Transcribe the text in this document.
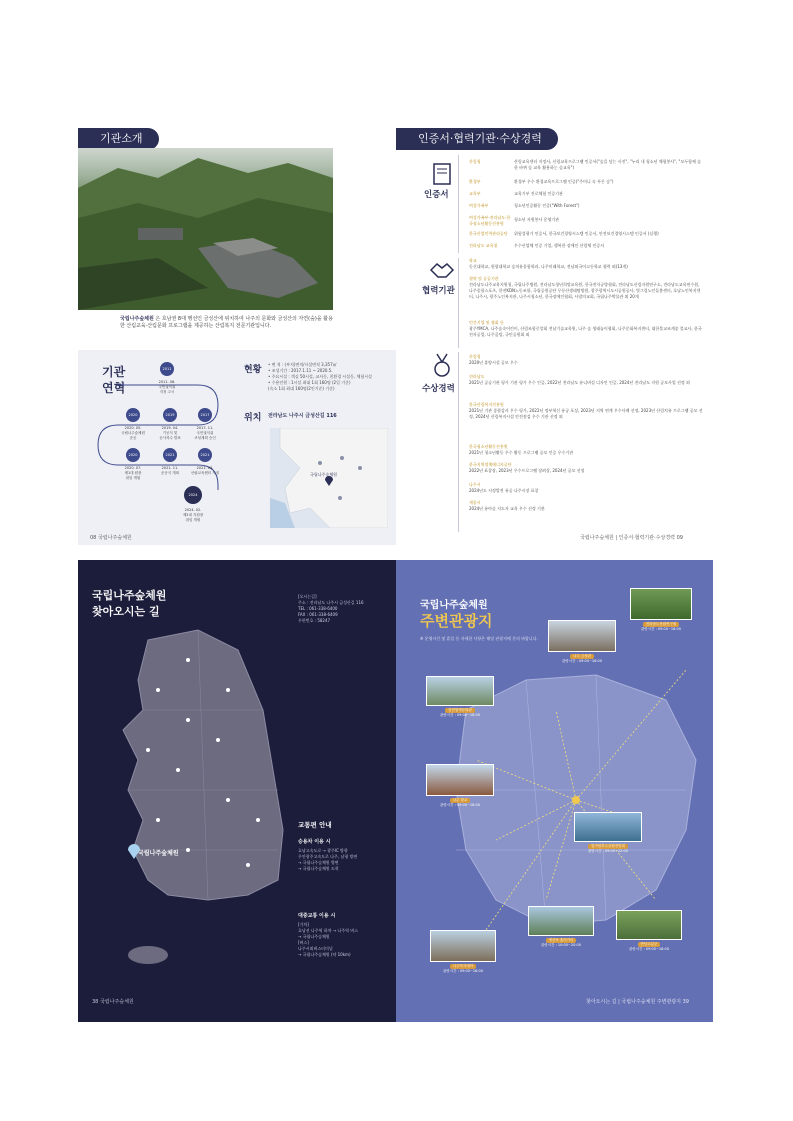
기관소개
국립나주숲체원 은 호남권 8대 행선인 금성산에 위치하여 나주의 문화와 금성산의 자연(숲)을 활용한 산림교육·산림문화 프로그램을 제공하는 산림복지 전문기관입니다.
기관
연혁
2011
2011. 08.
국민권익위
지정 고시
2020	2019	2017
2020. 05.
국립나주숲체원
준공
2019. 04.
기공식 및
공사착수 발표
2017. 11.
국민권익위
조성계획 승인
2020	2021	2021
2020. 07.
제1대 원장
취임 개원
2021. 11.
준공식 개최
2021. 03.
산림교육센터 지정
2024
2024. 02.
제2대 지원장
취임 개원
현황
• 면 적 : (부지)면적/시설면적 3,357㎡
• 조성기간 : 2017.1.11 ~ 2020.5.
• 주요시설 : 객실 50시설, 교사동, 친환경 시설동, 체험시설
• 수용인원 : 1시설 최대 1회 160명 (2일 기준)
(숙소 1회 최대 160명(2인기준) 기준)
위치 전라남도 나주시 금성산길 116
국립나주숲체원
08 국립나주숲체원
인증서·협력기관·수상경력
인증서
산림청	산림교육센터 지정서, 산림교육프로그램 인증서("숲을 담는 사진", "누리 내 청소년 체험봉사", "모두함께 숲 한 바퀴 숲 교육 활용하는 숲교육")
환경부	환경부 우수 환경교육프로그램 인증("주머니 속 푸른 숲")
교육부	교육기부 진로체험 인증기관
여성가족부	청소년인증활동 인증("With Forest")
여성가족부·전라남도·한국청소년활동진흥원
청소년 자원봉사 운영기관
한국산업인력관리공단	위험성평가 인증서, 한국보건경영시스템 인증서, 안전보건경영시스템 인증서 (실행)
전라남도 교육청	우수산업체 인증 기업, 행복한 장애인 산림체 인증서
협력기관
학교
동신대학교, 원광대학교 숲치유융합학과, 나주미래학교, 전남외국어고등학교 협력 외(13개)
협약 및 공공기관
전라남도나주교육지원청, 국립나주병원, 전라남도청년희망교육원, 한국전자공방협회, 전라남도산림자원연구소, 전라남도교육연수원, 나주종합스포츠, 한전KDN노동조합, 국립공원공단 무등산생태탐방원, 광주광역시도시공원공사, 빛그림노인돌봄센터, 호남노인복지센터, 나주시, 광주노인복지관, 나주시청소년, 한국장애인협회, 사랑의교회, 국립나주박물관 외 20개
민간기업 및 협회 등
광주YMCA, 나주숲속어린이, 산림조합중앙회 전남기술교육원, 나주 숲 생태놀이협회, 나주문화복지센터, 대한불교조계종 불교사, 한국전자공업, 나주곰탕, 국민공원회 외
수상경력
산림청
2020년 휴양시설 공모 우수
전라남도
2021년 공공기관 평가 기관 평가 우수 인증, 2022년 전라남도 유니버설 디자인 인증, 2024년 전라남도 지원 공모사업 선정 외
한국산림복지진흥원
2021년 기관 종합감사 우수 평가, 2022년 정부혁신 유공 포상, 2023년 지역 연계 우수사례 선정, 2023년 산림치유 프로그램 공모 선정, 2024년 산림복지시설 안전점검 우수 기관 선정 외
한국청소년활동진흥원
2021년 청소년활동 우수 활동 프로그램 공모 인증 우수기관
한국지역정책에너지공단
2022년 표창장, 2023년 우수프로그램 장려상, 2024년 공모 선정
나주시
2024년도 시정발전 유공 나주시장 표창
세종시
2024년 유아숲 지도자 교육 우수 선정 기관
국립나주숲체원 | 인증서·협력기관·수상경력 09
국립나주숲체원
찾아오시는 길
[오시는길]
주소 : 전라남도 나주시 금성산길 116
TEL : 061-338-6400
FAX : 061-338-6409
우편번호 : 58247
국립나주숲체원
교통편 안내
승용차 이용 시
호남고속도로 → 광주IC 방향
무안광주고속도로 나주, 남평 방면
→ 국립나주숲체원 방면
→ 국립나주숲체원 도착
대중교통 이용 시
[기차]
호남선 나주역 하차 → 나주역 버스
→ 국립나주숲체원
[버스]
나주시외버스터미널
→ 국립나주숲체원 (약 10km)
38 국립나주숲체원
국립나주숲체원
주변관광지
※ 운영시간 및 휴일 등 자세한 사항은 해당 관광지에 문의 바랍니다.
전라남도산림연구원
관람시간 : 09:00~18:00
나주 금성관
관람시간 : 09:00~18:00
천연염색문화관
관람시간 : 09:00~18:00
나주 향교
관람시간 : 09:00~18:00
빛가람호수공원전망대
관람시간 : 09:00~22:00
영산포 홍어거리
관람시간 : 10:00~20:00	반남고분군
관람시간 : 09:00~18:00
나주목사내아
관람시간 : 09:00~18:00
찾아오시는 길 | 국립나주숲체원 주변관광지 39
